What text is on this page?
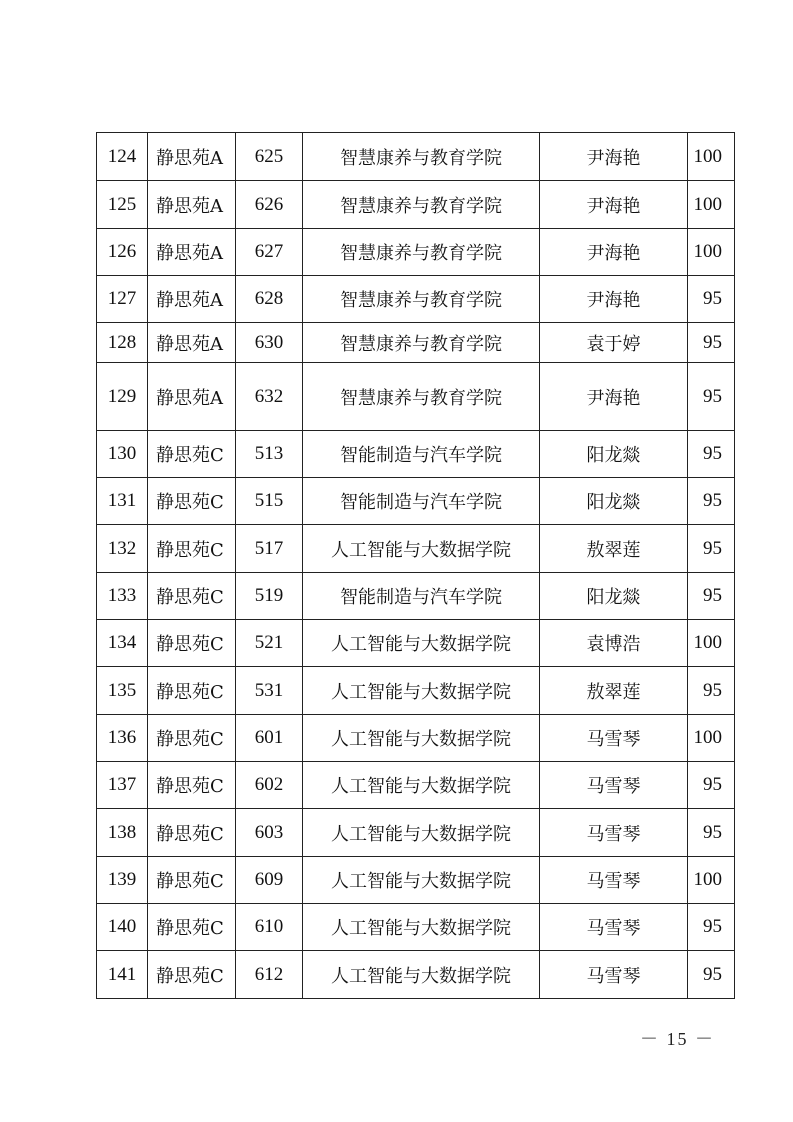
124	静思苑A	625	智慧康养与教育学院	尹海艳	100
125	静思苑A	626	智慧康养与教育学院	尹海艳	100
126	静思苑A	627	智慧康养与教育学院	尹海艳	100
127	静思苑A	628	智慧康养与教育学院	尹海艳	95
128	静思苑A	630	智慧康养与教育学院	袁于婷	95
129	静思苑A	632	智慧康养与教育学院	尹海艳	95
130	静思苑C	513	智能制造与汽车学院	阳龙燚	95
131	静思苑C	515	智能制造与汽车学院	阳龙燚	95
132	静思苑C	517	人工智能与大数据学院	敖翠莲	95
133	静思苑C	519	智能制造与汽车学院	阳龙燚	95
134	静思苑C	521	人工智能与大数据学院	袁博浩	100
135	静思苑C	531	人工智能与大数据学院	敖翠莲	95
136	静思苑C	601	人工智能与大数据学院	马雪琴	100
137	静思苑C	602	人工智能与大数据学院	马雪琴	95
138	静思苑C	603	人工智能与大数据学院	马雪琴	95
139	静思苑C	609	人工智能与大数据学院	马雪琴	100
140	静思苑C	610	人工智能与大数据学院	马雪琴	95
141	静思苑C	612	人工智能与大数据学院	马雪琴	95
－ 15 －
